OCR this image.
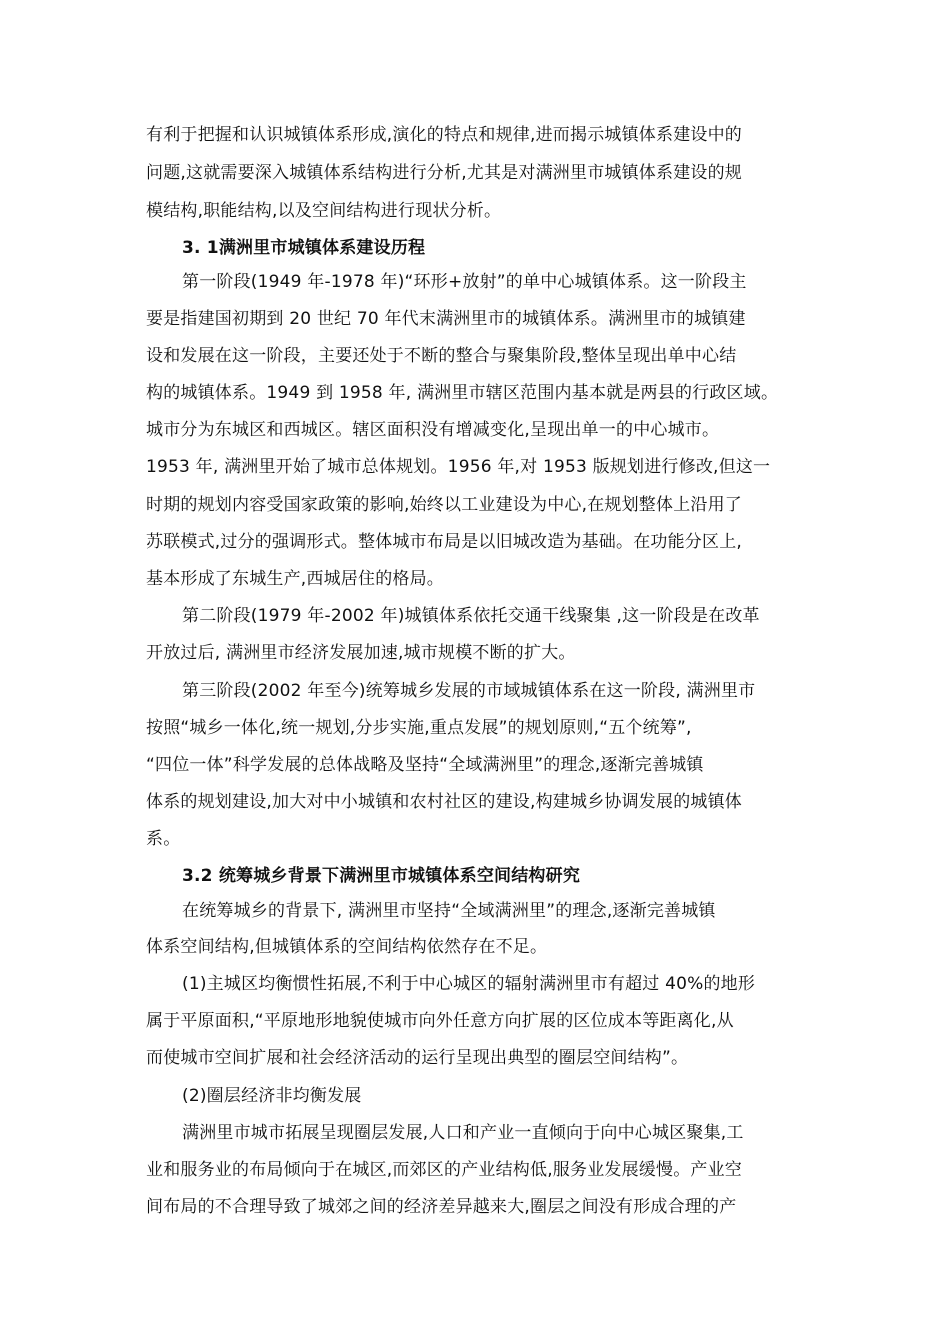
有利于把握和认识城镇体系形成,演化的特点和规律,进而揭示城镇体系建设中的
问题,这就需要深入城镇体系结构进行分析,尤其是对满洲里市城镇体系建设的规
模结构,职能结构,以及空间结构进行现状分析。
3. 1满洲里市城镇体系建设历程
第一阶段(1949 年-1978 年)“环形+放射”的单中心城镇体系。这一阶段主
要是指建国初期到 20 世纪 70 年代末满洲里市的城镇体系。满洲里市的城镇建
设和发展在这一阶段，主要还处于不断的整合与聚集阶段,整体呈现出单中心结
构的城镇体系。1949 到 1958 年, 满洲里市辖区范围内基本就是两县的行政区域。
城市分为东城区和西城区。辖区面积没有增减变化,呈现出单一的中心城市。
1953 年, 满洲里开始了城市总体规划。1956 年,对 1953 版规划进行修改,但这一
时期的规划内容受国家政策的影响,始终以工业建设为中心,在规划整体上沿用了
苏联模式,过分的强调形式。整体城市布局是以旧城改造为基础。在功能分区上,
基本形成了东城生产,西城居住的格局。
第二阶段(1979 年-2002 年)城镇体系依托交通干线聚集 ,这一阶段是在改革
开放过后, 满洲里市经济发展加速,城市规模不断的扩大。
第三阶段(2002 年至今)统筹城乡发展的市域城镇体系在这一阶段, 满洲里市
按照“城乡一体化,统一规划,分步实施,重点发展”的规划原则,“五个统筹”,
“四位一体”科学发展的总体战略及坚持“全域满洲里”的理念,逐渐完善城镇
体系的规划建设,加大对中小城镇和农村社区的建设,构建城乡协调发展的城镇体
系。
3.2 统筹城乡背景下满洲里市城镇体系空间结构研究
在统筹城乡的背景下, 满洲里市坚持“全域满洲里”的理念,逐渐完善城镇
体系空间结构,但城镇体系的空间结构依然存在不足。
(1)主城区均衡惯性拓展,不利于中心城区的辐射满洲里市有超过 40%的地形
属于平原面积,“平原地形地貌使城市向外任意方向扩展的区位成本等距离化,从
而使城市空间扩展和社会经济活动的运行呈现出典型的圈层空间结构”。
(2)圈层经济非均衡发展
满洲里市城市拓展呈现圈层发展,人口和产业一直倾向于向中心城区聚集,工
业和服务业的布局倾向于在城区,而郊区的产业结构低,服务业发展缓慢。产业空
间布局的不合理导致了城郊之间的经济差异越来大,圈层之间没有形成合理的产
